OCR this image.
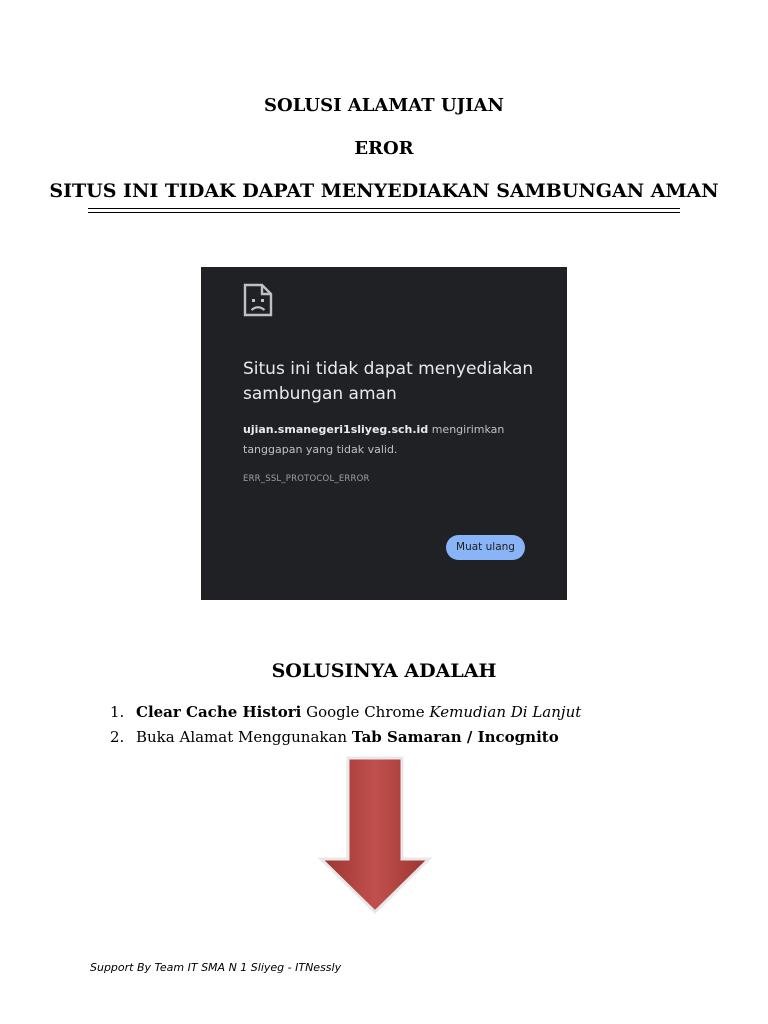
SOLUSI ALAMAT UJIAN
EROR
SITUS INI TIDAK DAPAT MENYEDIAKAN SAMBUNGAN AMAN
Situs ini tidak dapat menyediakan sambungan aman
ujian.smanegeri1sliyeg.sch.id mengirimkan
tanggapan yang tidak valid.
ERR_SSL_PROTOCOL_ERROR
Muat ulang
SOLUSINYA ADALAH
1. Clear Cache Histori Google Chrome Kemudian Di Lanjut
2. Buka Alamat Menggunakan Tab Samaran / Incognito
Support By Team IT SMA N 1 Sliyeg - ITNessly
